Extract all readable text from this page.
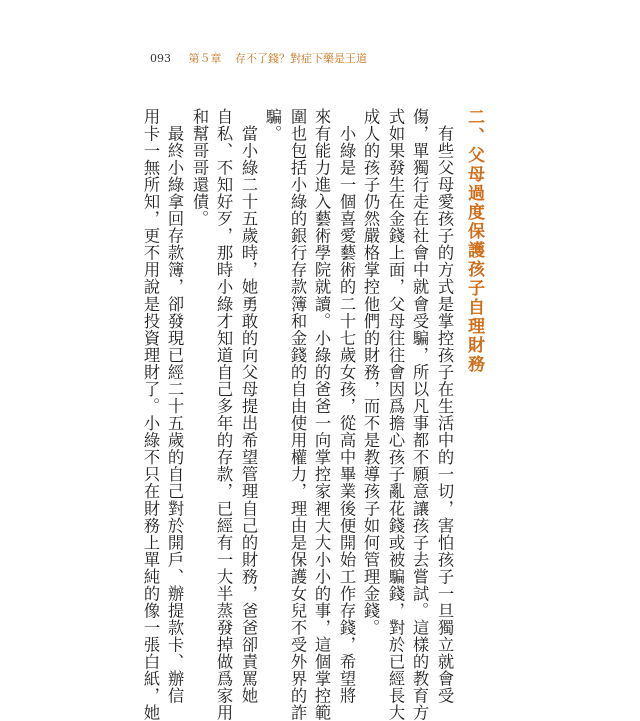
093 第５章 存不了錢？對症下藥是王道
二、父母過度保護孩子自理財務
　有些父母愛孩子的方式是掌控孩子在生活中的一切，害怕孩子一旦獨立就會受
傷，單獨行走在社會中就會受騙，所以凡事都不願意讓孩子去嘗試。這樣的教育方
式如果發生在金錢上面，父母往往會因爲擔心孩子亂花錢或被騙錢，對於已經長大
成人的孩子仍然嚴格掌控他們的財務，而不是教導孩子如何管理金錢。
　小綠是一個喜愛藝術的二十七歲女孩，從高中畢業後便開始工作存錢，希望將
來有能力進入藝術學院就讀。小綠的爸爸一向掌控家裡大大小小的事，這個掌控範
圍也包括小綠的銀行存款簿和金錢的自由使用權力，理由是保護女兒不受外界的詐
騙。
　當小綠二十五歲時，她勇敢的向父母提出希望管理自己的財務，爸爸卻責罵她
自私、不知好歹，那時小綠才知道自己多年的存款，已經有一大半蒸發掉做爲家用
和幫哥哥還債。
　最終小綠拿回存款簿，卻發現已經二十五歲的自己對於開戶、辦提款卡、辦信
用卡一無所知，更不用說是投資理財了。小綠不只在財務上單純的像一張白紙，她
